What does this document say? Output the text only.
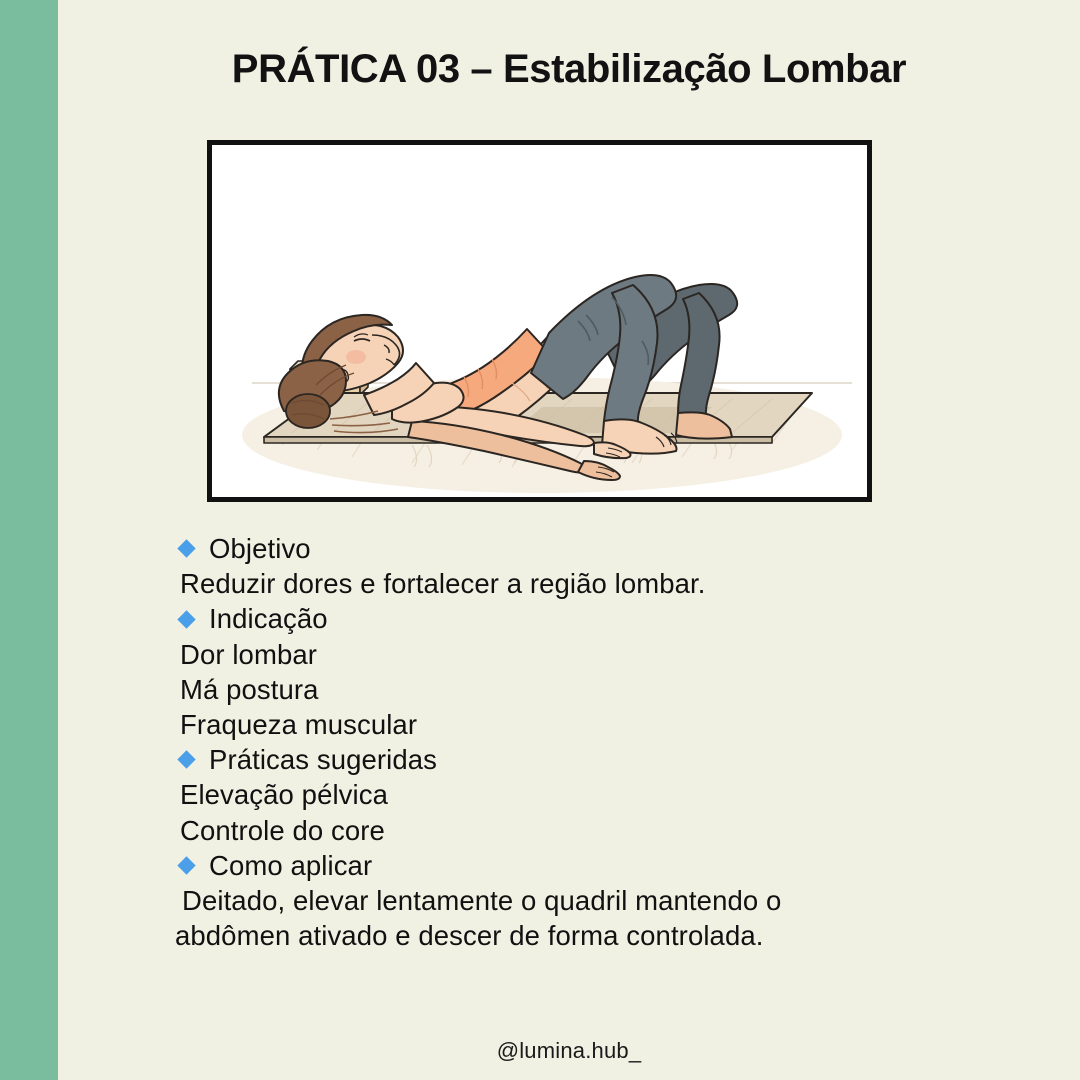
PRÁTICA 03 – Estabilização Lombar
Objetivo
Reduzir dores e fortalecer a região lombar.
Indicação
Dor lombar
Má postura
Fraqueza muscular
Práticas sugeridas
Elevação pélvica
Controle do core
Como aplicar
Deitado, elevar lentamente o quadril mantendo o
abdômen ativado e descer de forma controlada.
@lumina.hub_
